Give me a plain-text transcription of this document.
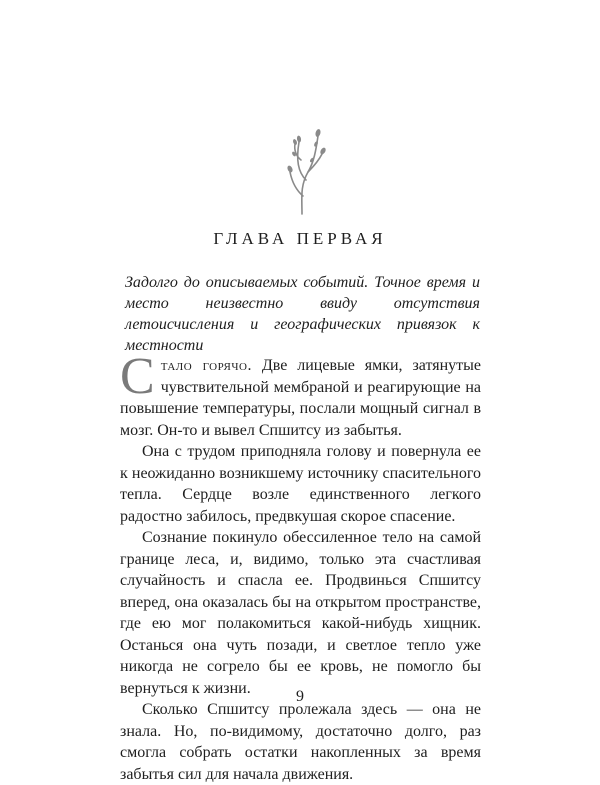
ГЛАВА ПЕРВАЯ
Задолго до описываемых событий. Точное время и место неизвестно ввиду отсутствия летоисчисления и географических привязок к местности

Стало горячо. Две лицевые ямки, затянутые чувствительной мембраной и реагирующие на повышение температуры, послали мощный сигнал в мозг. Он-то и вывел Спшитсу из забытья.

Она с трудом приподняла голову и повернула ее к неожиданно возникшему источнику спасительного тепла. Сердце возле единственного легкого радостно забилось, предвкушая скорое спасение.

Сознание покинуло обессиленное тело на самой границе леса, и, видимо, только эта счастливая случайность и спасла ее. Продвинься Спшитсу вперед, она оказалась бы на открытом пространстве, где ею мог полакомиться какой-нибудь хищник. Останься она чуть позади, и светлое тепло уже никогда не согрело бы ее кровь, не помогло бы вернуться к жизни.

Сколько Спшитсу пролежала здесь — она не знала. Но, по-видимому, достаточно долго, раз смогла собрать остатки накопленных за время забытья сил для начала движения.

9
